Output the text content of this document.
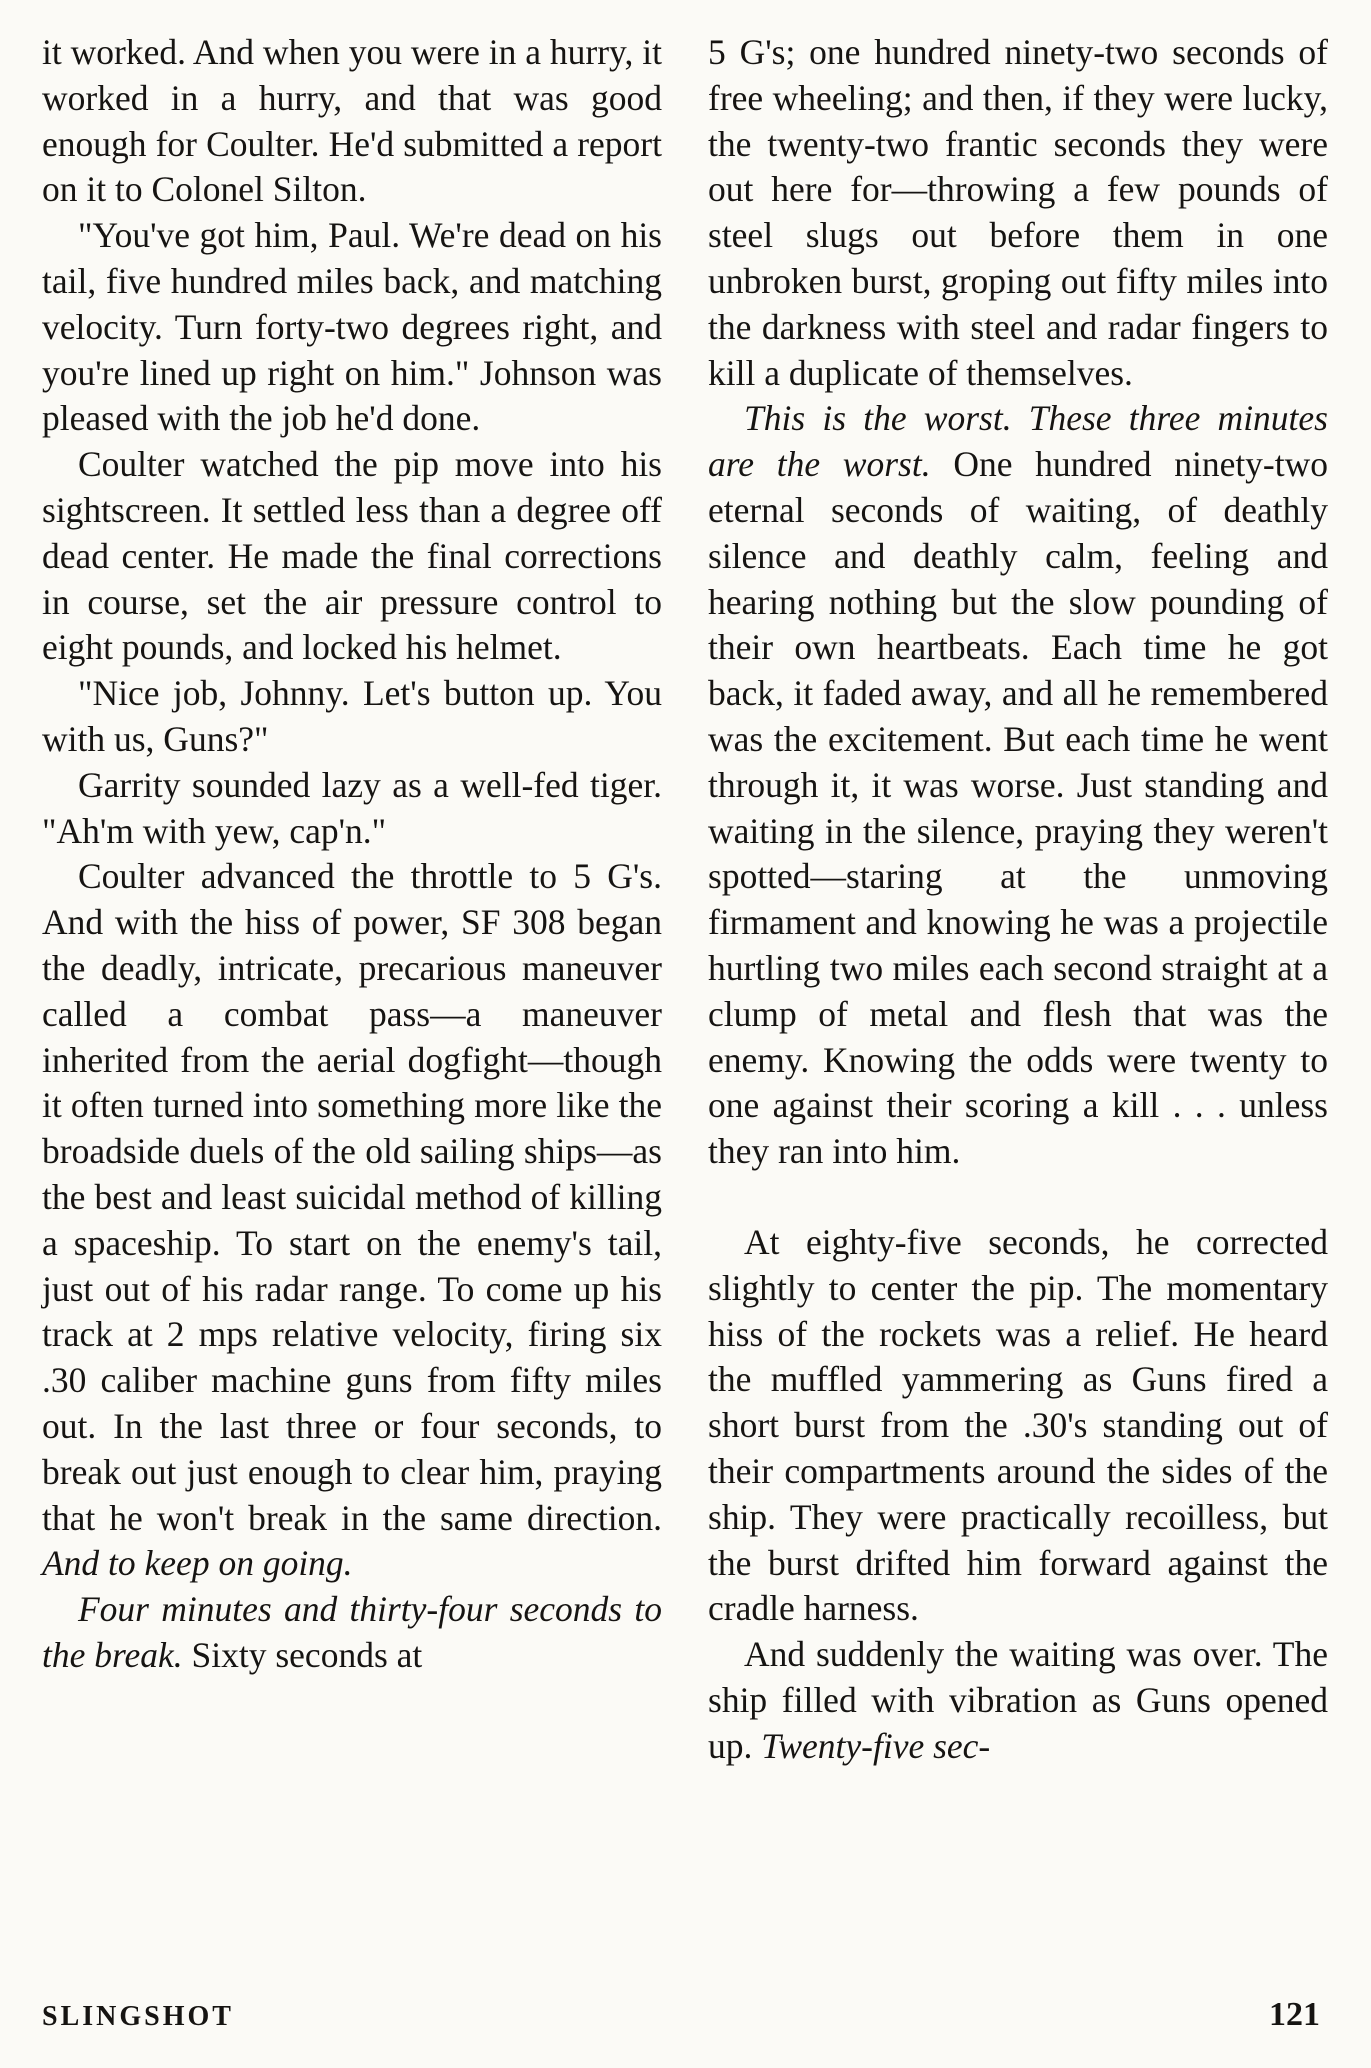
it worked. And when you were in a hurry, it worked in a hurry, and that was good enough for Coulter. He'd submitted a report on it to Colonel Silton.

"You've got him, Paul. We're dead on his tail, five hundred miles back, and matching velocity. Turn forty-two degrees right, and you're lined up right on him." Johnson was pleased with the job he'd done.

Coulter watched the pip move into his sightscreen. It settled less than a degree off dead center. He made the final corrections in course, set the air pressure control to eight pounds, and locked his helmet.

"Nice job, Johnny. Let's button up. You with us, Guns?"

Garrity sounded lazy as a well-fed tiger. "Ah'm with yew, cap'n."

Coulter advanced the throttle to 5 G's. And with the hiss of power, SF 308 began the deadly, intricate, precarious maneuver called a combat pass—a maneuver inherited from the aerial dogfight—though it often turned into something more like the broadside duels of the old sailing ships—as the best and least suicidal method of killing a spaceship. To start on the enemy's tail, just out of his radar range. To come up his track at 2 mps relative velocity, firing six .30 caliber machine guns from fifty miles out. In the last three or four seconds, to break out just enough to clear him, praying that he won't break in the same direction. And to keep on going.

Four minutes and thirty-four seconds to the break. Sixty seconds at

5 G's; one hundred ninety-two seconds of free wheeling; and then, if they were lucky, the twenty-two frantic seconds they were out here for—throwing a few pounds of steel slugs out before them in one unbroken burst, groping out fifty miles into the darkness with steel and radar fingers to kill a duplicate of themselves.

This is the worst. These three minutes are the worst. One hundred ninety-two eternal seconds of waiting, of deathly silence and deathly calm, feeling and hearing nothing but the slow pounding of their own heartbeats. Each time he got back, it faded away, and all he remembered was the excitement. But each time he went through it, it was worse. Just standing and waiting in the silence, praying they weren't spotted—staring at the unmoving firmament and knowing he was a projectile hurtling two miles each second straight at a clump of metal and flesh that was the enemy. Knowing the odds were twenty to one against their scoring a kill . . . unless they ran into him.

At eighty-five seconds, he corrected slightly to center the pip. The momentary hiss of the rockets was a relief. He heard the muffled yammering as Guns fired a short burst from the .30's standing out of their compartments around the sides of the ship. They were practically recoilless, but the burst drifted him forward against the cradle harness.

And suddenly the waiting was over. The ship filled with vibration as Guns opened up. Twenty-five sec-

SLINGSHOT	121
